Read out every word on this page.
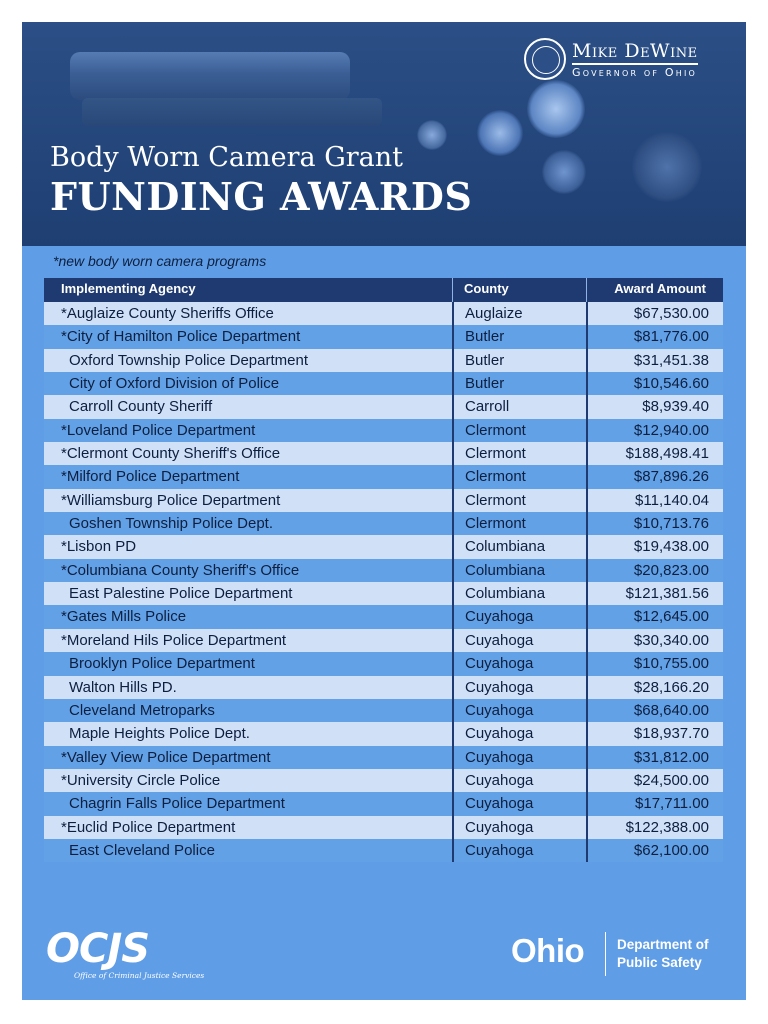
Mike DeWine
Governor of Ohio
Body Worn Camera Grant
FUNDING AWARDS
*new body worn camera programs
Implementing Agency	County	Award Amount
*Auglaize County Sheriffs Office	Auglaize	$67,530.00
*City of Hamilton Police Department	Butler	$81,776.00
Oxford Township Police Department	Butler	$31,451.38
City of Oxford Division of Police	Butler	$10,546.60
Carroll County Sheriff	Carroll	$8,939.40
*Loveland Police Department	Clermont	$12,940.00
*Clermont County Sheriff's Office	Clermont	$188,498.41
*Milford Police Department	Clermont	$87,896.26
*Williamsburg Police Department	Clermont	$11,140.04
Goshen Township Police Dept.	Clermont	$10,713.76
*Lisbon PD	Columbiana	$19,438.00
*Columbiana County Sheriff's Office	Columbiana	$20,823.00
East Palestine Police Department	Columbiana	$121,381.56
*Gates Mills Police	Cuyahoga	$12,645.00
*Moreland Hils Police Department	Cuyahoga	$30,340.00
Brooklyn Police Department	Cuyahoga	$10,755.00
Walton Hills PD.	Cuyahoga	$28,166.20
Cleveland Metroparks	Cuyahoga	$68,640.00
Maple Heights Police Dept.	Cuyahoga	$18,937.70
*Valley View Police Department	Cuyahoga	$31,812.00
*University Circle Police	Cuyahoga	$24,500.00
Chagrin Falls Police Department	Cuyahoga	$17,711.00
*Euclid Police Department	Cuyahoga	$122,388.00
East Cleveland Police	Cuyahoga	$62,100.00
OCJS
Office of Criminal Justice Services
Ohio Department of
Public Safety
